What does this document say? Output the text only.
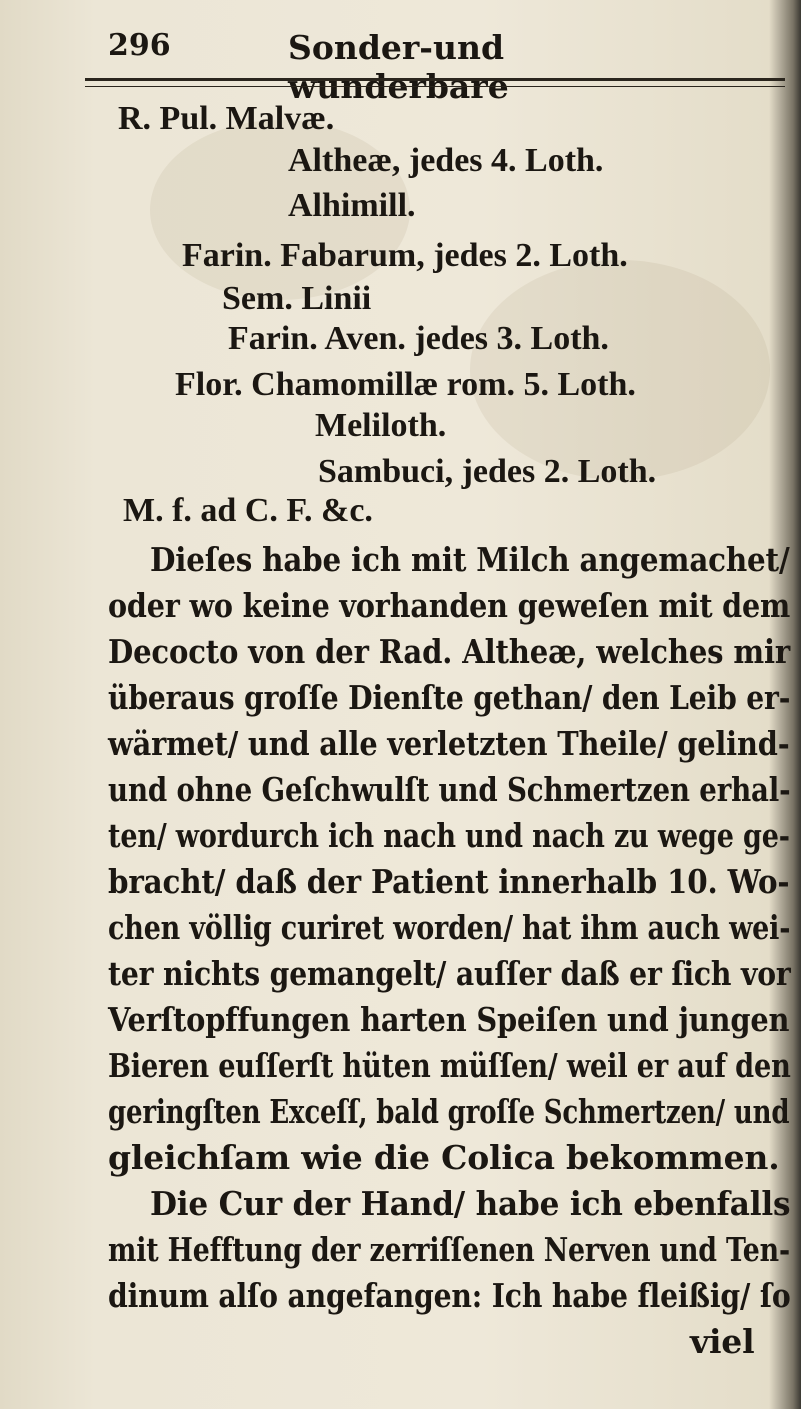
296	Sonder-und wunderbare
R. Pul. Malvæ.
Altheæ, jedes 4. Loth.
Alhimill.
Farin. Fabarum, jedes 2. Loth.
Sem. Linii
Farin. Aven. jedes 3. Loth.
Flor. Chamomillæ rom. 5. Loth.
Meliloth.
Sambuci, jedes 2. Loth.
M. f. ad C. F. &c.
Dieſes habe ich mit Milch angemachet/
oder wo keine vorhanden geweſen mit dem
Decocto von der Rad. Altheæ, welches mir
überaus groſſe Dienſte gethan/ den Leib er-
wärmet/ und alle verletzten Theile/ gelind-
und ohne Geſchwulſt und Schmertzen erhal-
ten/ wordurch ich nach und nach zu wege ge-
bracht/ daß der Patient innerhalb 10. Wo-
chen völlig curiret worden/ hat ihm auch wei-
ter nichts gemangelt/ auſſer daß er ſich vor
Verſtopffungen harten Speiſen und jungen
Bieren euſſerſt hüten müſſen/ weil er auf den
geringſten Exceſſ, bald groſſe Schmertzen/ und
gleichſam wie die Colica bekommen.
Die Cur der Hand/ habe ich ebenfalls
mit Hefftung der zerriſſenen Nerven und Ten-
dinum alſo angefangen: Ich habe fleißig/ ſo
viel
